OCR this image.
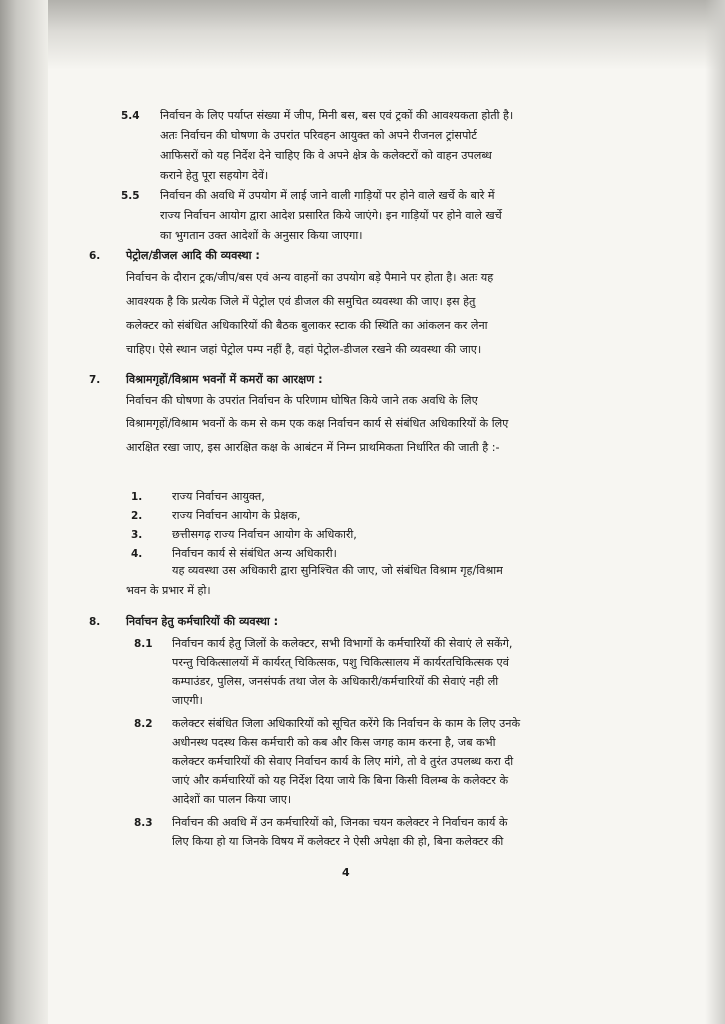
5.4 निर्वाचन के लिए पर्याप्त संख्या में जीप, मिनी बस, बस एवं ट्रकों की आवश्यकता होती है।
अतः निर्वाचन की घोषणा के उपरांत परिवहन आयुक्त को अपने रीजनल ट्रांसपोर्ट
आफिसरों को यह निर्देश देने चाहिए कि वे अपने क्षेत्र के कलेक्टरों को वाहन उपलब्ध
कराने हेतु पूरा सहयोग देवें।
5.5 निर्वाचन की अवधि में उपयोग में लाई जाने वाली गाड़ियों पर होने वाले खर्चे के बारे में
राज्य निर्वाचन आयोग द्वारा आदेश प्रसारित किये जाएंगे। इन गाड़ियों पर होने वाले खर्चे
का भुगतान उक्त आदेशों के अनुसार किया जाएगा।
6. पेट्रोल/डीजल आदि की व्यवस्था :
निर्वाचन के दौरान ट्रक/जीप/बस एवं अन्य वाहनों का उपयोग बड़े पैमाने पर होता है। अतः यह
आवश्यक है कि प्रत्येक जिले में पेट्रोल एवं डीजल की समुचित व्यवस्था की जाए। इस हेतु
कलेक्टर को संबंधित अधिकारियों की बैठक बुलाकर स्टाक की स्थिति का आंकलन कर लेना
चाहिए। ऐसे स्थान जहां पेट्रोल पम्प नहीं है, वहां पेट्रोल-डीजल रखने की व्यवस्था की जाए।
7. विश्रामगृहों/विश्राम भवनों में कमरों का आरक्षण :
निर्वाचन की घोषणा के उपरांत निर्वाचन के परिणाम घोषित किये जाने तक अवधि के लिए
विश्रामगृहों/विश्राम भवनों के कम से कम एक कक्ष निर्वाचन कार्य से संबंधित अधिकारियों के लिए
आरक्षित रखा जाए, इस आरक्षित कक्ष के आबंटन में निम्न प्राथमिकता निर्धारित की जाती है :-
1.	राज्य निर्वाचन आयुक्त,
2.	राज्य निर्वाचन आयोग के प्रेक्षक,
3.	छत्तीसगढ़ राज्य निर्वाचन आयोग के अधिकारी,
4.	निर्वाचन कार्य से संबंधित अन्य अधिकारी।
यह व्यवस्था उस अधिकारी द्वारा सुनिश्चित की जाए, जो संबंधित विश्राम गृह/विश्राम
भवन के प्रभार में हो।
8. निर्वाचन हेतु कर्मचारियों की व्यवस्था :
8.1 निर्वाचन कार्य हेतु जिलों के कलेक्टर, सभी विभागों के कर्मचारियों की सेवाएं ले सकेंगे,
परन्तु चिकित्सालयों में कार्यरत् चिकित्सक, पशु चिकित्सालय में कार्यरतचिकित्सक एवं
कम्पाउंडर, पुलिस, जनसंपर्क तथा जेल के अधिकारी/कर्मचारियों की सेवाएं नही ली
जाएगी।
8.2 कलेक्टर संबंधित जिला अधिकारियों को सूचित करेंगे कि निर्वाचन के काम के लिए उनके
अधीनस्थ पदस्थ किस कर्मचारी को कब और किस जगह काम करना है, जब कभी
कलेक्टर कर्मचारियों की सेवाए निर्वाचन कार्य के लिए मांगे, तो वे तुरंत उपलब्ध करा दी
जाएं और कर्मचारियों को यह निर्देश दिया जाये कि बिना किसी विलम्ब के कलेक्टर के
आदेशों का पालन किया जाए।
8.3 निर्वाचन की अवधि में उन कर्मचारियों को, जिनका चयन कलेक्टर ने निर्वाचन कार्य के
लिए किया हो या जिनके विषय में कलेक्टर ने ऐसी अपेक्षा की हो, बिना कलेक्टर की
4
